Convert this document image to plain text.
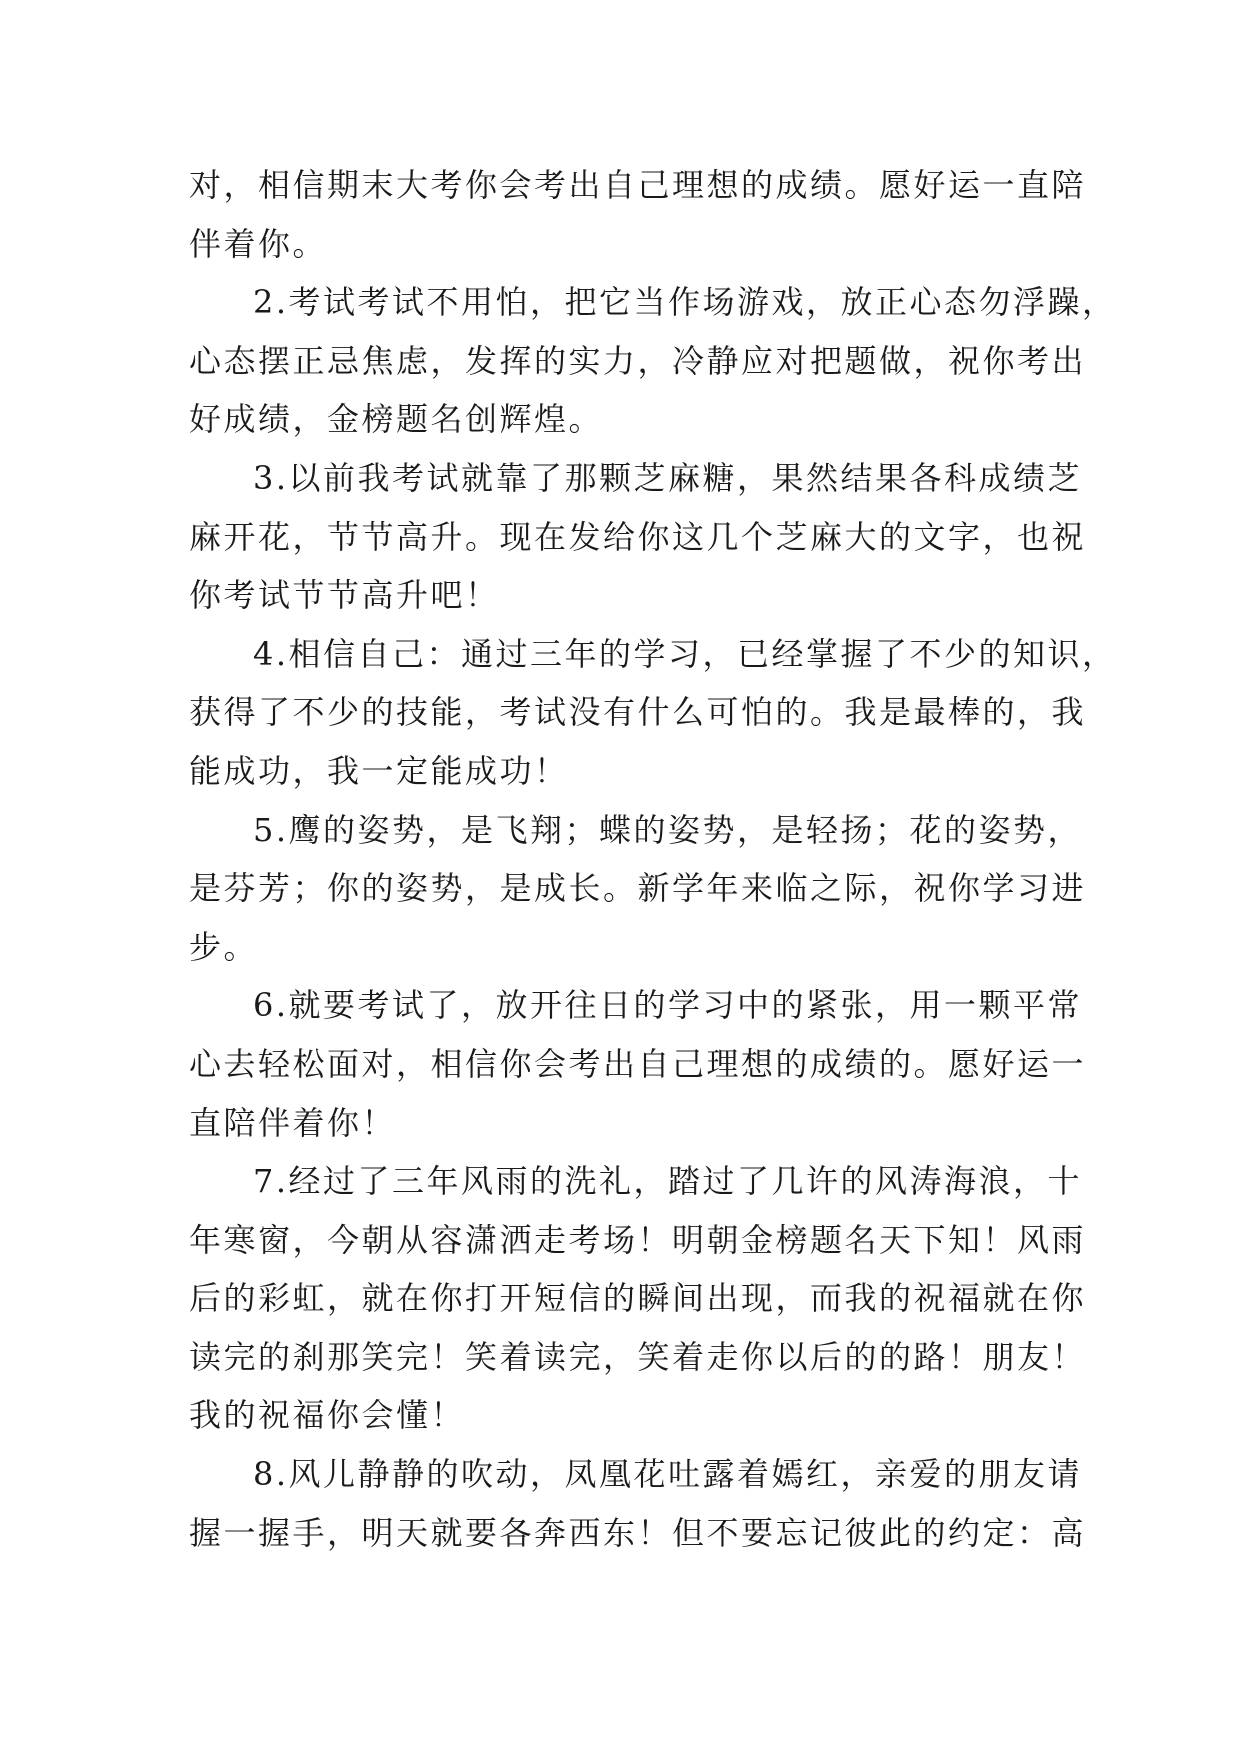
对，相信期末大考你会考出自己理想的成绩。愿好运一直陪
伴着你。

2.考试考试不用怕，把它当作场游戏，放正心态勿浮躁，
心态摆正忌焦虑，发挥的实力，冷静应对把题做，祝你考出
好成绩，金榜题名创辉煌。

3.以前我考试就靠了那颗芝麻糖，果然结果各科成绩芝
麻开花，节节高升。现在发给你这几个芝麻大的文字，也祝
你考试节节高升吧！

4.相信自己：通过三年的学习，已经掌握了不少的知识，
获得了不少的技能，考试没有什么可怕的。我是最棒的，我
能成功，我一定能成功！

5.鹰的姿势，是飞翔；蝶的姿势，是轻扬；花的姿势，
是芬芳；你的姿势，是成长。新学年来临之际，祝你学习进
步。

6.就要考试了，放开往日的学习中的紧张，用一颗平常
心去轻松面对，相信你会考出自己理想的成绩的。愿好运一
直陪伴着你！

7.经过了三年风雨的洗礼，踏过了几许的风涛海浪，十
年寒窗，今朝从容潇洒走考场！明朝金榜题名天下知！风雨
后的彩虹，就在你打开短信的瞬间出现，而我的祝福就在你
读完的刹那笑完！笑着读完，笑着走你以后的的路！朋友！
我的祝福你会懂！

8.风儿静静的吹动，凤凰花吐露着嫣红，亲爱的朋友请
握一握手，明天就要各奔西东！但不要忘记彼此的约定：高
